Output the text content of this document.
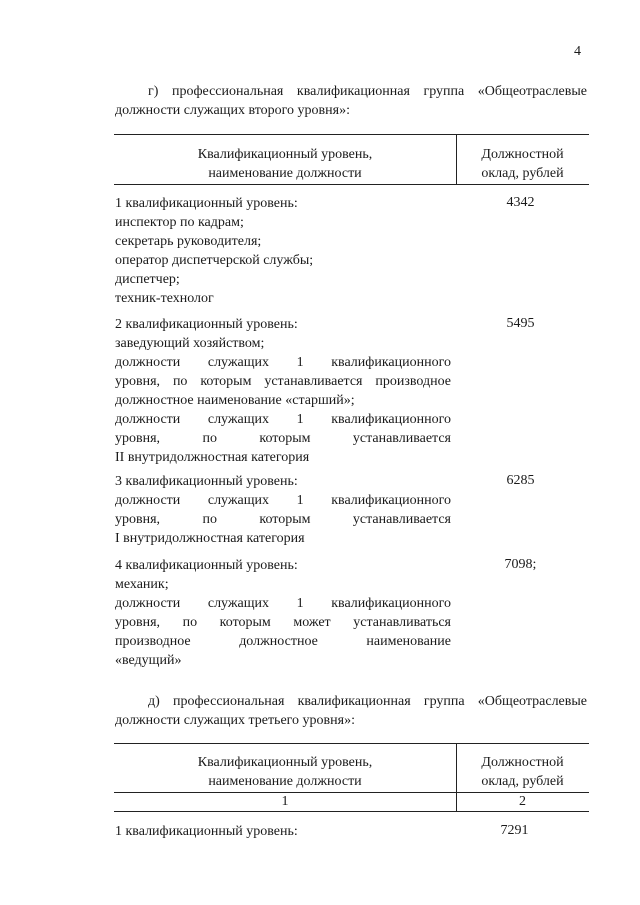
4
г) профессиональная квалификационная группа «Общеотраслевые должности служащих второго уровня»:
Квалификационный уровень,
наименование должности
Должностной
оклад, рублей
1 квалификационный уровень:
инспектор по кадрам;
секретарь руководителя;
оператор диспетчерской службы;
диспетчер;
техник-технолог
4342
2 квалификационный уровень:
заведующий хозяйством;
должности служащих 1 квалификационного
уровня, по которым устанавливается производное
должностное наименование «старший»;
должности служащих 1 квалификационного
уровня, по которым устанавливается
II внутридолжностная категория
5495
3 квалификационный уровень:
должности служащих 1 квалификационного
уровня, по которым устанавливается
I внутридолжностная категория
6285
4 квалификационный уровень:
механик;
должности служащих 1 квалификационного
уровня, по которым может устанавливаться
производное должностное наименование
«ведущий»
7098;
д) профессиональная квалификационная группа «Общеотраслевые должности служащих третьего уровня»:
Квалификационный уровень,
наименование должности
Должностной
оклад, рублей
1	2
1 квалификационный уровень:	7291
